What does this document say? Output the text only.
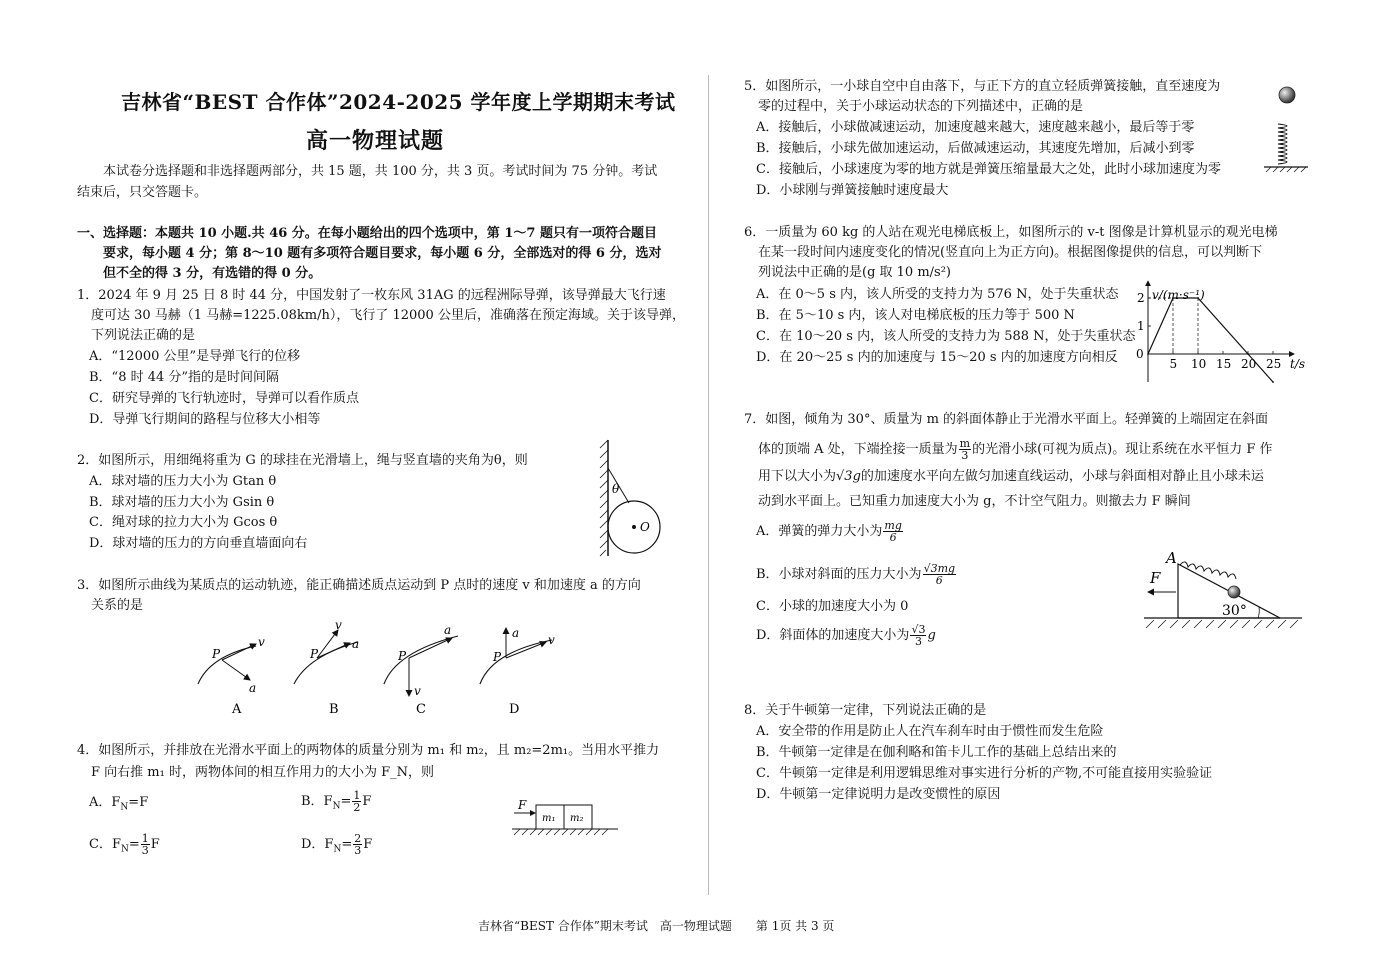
吉林省“BEST 合作体”2024-2025 学年度上学期期末考试
高一物理试题
本试卷分选择题和非选择题两部分，共 15 题，共 100 分，共 3 页。考试时间为 75 分钟。考试
结束后，只交答题卡。
一、选择题：本题共 10 小题.共 46 分。在每小题给出的四个选项中，第 1～7 题只有一项符合题目
要求，每小题 4 分；第 8～10 题有多项符合题目要求，每小题 6 分，全部选对的得 6 分，选对
但不全的得 3 分，有选错的得 0 分。
1．2024 年 9 月 25 日 8 时 44 分，中国发射了一枚东风 31AG 的远程洲际导弹，该导弹最大飞行速
度可达 30 马赫（1 马赫=1225.08km/h），飞行了 12000 公里后，准确落在预定海域。关于该导弹，
下列说法正确的是
A．“12000 公里”是导弹飞行的位移
B．“8 时 44 分”指的是时间间隔
C．研究导弹的飞行轨迹时，导弹可以看作质点
D．导弹飞行期间的路程与位移大小相等
2．如图所示，用细绳将重为 G 的球挂在光滑墙上，绳与竖直墙的夹角为θ，则
A．球对墙的压力大小为 Gtan θ
B．球对墙的压力大小为 Gsin θ
C．绳对球的拉力大小为 Gcos θ
D．球对墙的压力的方向垂直墙面向右
3．如图所示曲线为某质点的运动轨迹，能正确描述质点运动到 P 点时的速度 v 和加速度 a 的方向
关系的是
4．如图所示，并排放在光滑水平面上的两物体的质量分别为 m₁ 和 m₂，且 m₂=2m₁。当用水平推力
F 向右推 m₁ 时，两物体间的相互作用力的大小为 F_N，则
A．$F_N=F$	B．$F_N= \frac{1}{2}$ F
C．$F_N= \frac{1}{3}$ F	D．$F_N= \frac{2}{3}$ F
O
θ
P
v
a
A
P
v
a
B
P
a
v
C
P
a v
D
F
m₁ m₂
5．如图所示，一小球自空中自由落下，与正下方的直立轻质弹簧接触，直至速度为
零的过程中，关于小球运动状态的下列描述中，正确的是
A．接触后，小球做减速运动，加速度越来越大，速度越来越小，最后等于零
B．接触后，小球先做加速运动，后做减速运动，其速度先增加，后减小到零
C．接触后，小球速度为零的地方就是弹簧压缩量最大之处，此时小球加速度为零
D．小球刚与弹簧接触时速度最大
6．一质量为 60 kg 的人站在观光电梯底板上，如图所示的 v-t 图像是计算机显示的观光电梯
在某一段时间内速度变化的情况(竖直向上为正方向)。根据图像提供的信息，可以判断下
列说法中正确的是(g 取 10 m/s²)
A．在 0～5 s 内，该人所受的支持力为 576 N，处于失重状态
B．在 5～10 s 内，该人对电梯底板的压力等于 500 N
C．在 10～20 s 内，该人所受的支持力为 588 N，处于失重状态
D．在 20～25 s 内的加速度与 15～20 s 内的加速度方向相反
7．如图，倾角为 30°、质量为 m 的斜面体静止于光滑水平面上。轻弹簧的上端固定在斜面
体的顶端 A 处，下端拴接一质量为 $\frac{m}{3}$ 的光滑小球(可视为质点)。现让系统在水平恒力 F 作
用下以大小为√3g的加速度水平向左做匀加速直线运动，小球与斜面相对静止且小球未运
动到水平面上。已知重力加速度大小为 g，不计空气阻力。则撤去力 F 瞬间
A．弹簧的弹力大小为 $\frac{mg}{6}$
B．小球对斜面的压力大小为 $\frac{√3mg}{6}$
C．小球的加速度大小为 0
D．斜面体的加速度大小为 $\frac{√3}{3}$ g
8．关于牛顿第一定律，下列说法正确的是
A．安全带的作用是防止人在汽车刹车时由于惯性而发生危险
B．牛顿第一定律是在伽利略和笛卡儿工作的基础上总结出来的
C．牛顿第一定律是利用逻辑思维对事实进行分析的产物,不可能直接用实验验证
D．牛顿第一定律说明力是改变惯性的原因
0
5 10 15 20 25
1
2 v/(m·s⁻¹)
t/s
A
F
30°
吉林省“BEST 合作体”期末考试　高一物理试题　　第 1页 共 3 页
